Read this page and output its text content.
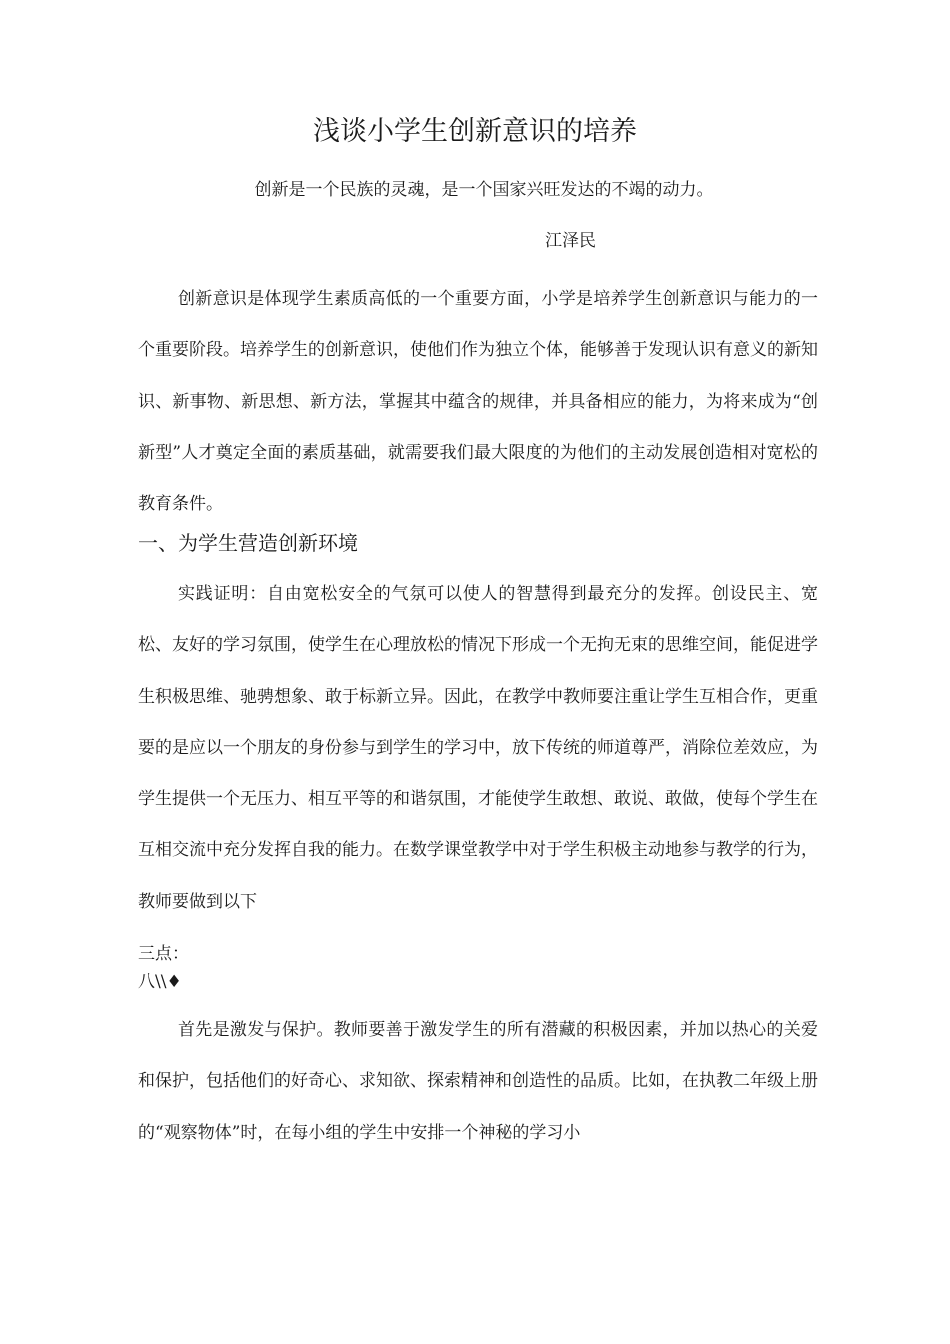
浅谈小学生创新意识的培养
创新是一个民族的灵魂，是一个国家兴旺发达的不竭的动力。
江泽民

创新意识是体现学生素质高低的一个重要方面，小学是培养学生创新意识与能力的一个重要阶段。培养学生的创新意识，使他们作为独立个体，能够善于发现认识有意义的新知识、新事物、新思想、新方法，掌握其中蕴含的规律，并具备相应的能力，为将来成为“创新型”人才奠定全面的素质基础，就需要我们最大限度的为他们的主动发展创造相对宽松的教育条件。

一、为学生营造创新环境

实践证明：自由宽松安全的气氛可以使人的智慧得到最充分的发挥。创设民主、宽松、友好的学习氛围，使学生在心理放松的情况下形成一个无拘无束的思维空间，能促进学生积极思维、驰骋想象、敢于标新立异。因此，在教学中教师要注重让学生互相合作，更重要的是应以一个朋友的身份参与到学生的学习中，放下传统的师道尊严，消除位差效应，为学生提供一个无压力、相互平等的和谐氛围，才能使学生敢想、敢说、敢做，使每个学生在互相交流中充分发挥自我的能力。在数学课堂教学中对于学生积极主动地参与教学的行为，教师要做到以下

三点：
八\\♦

首先是激发与保护。教师要善于激发学生的所有潜藏的积极因素，并加以热心的关爱和保护，包括他们的好奇心、求知欲、探索精神和创造性的品质。比如，在执教二年级上册的“观察物体”时，在每小组的学生中安排一个神秘的学习小
